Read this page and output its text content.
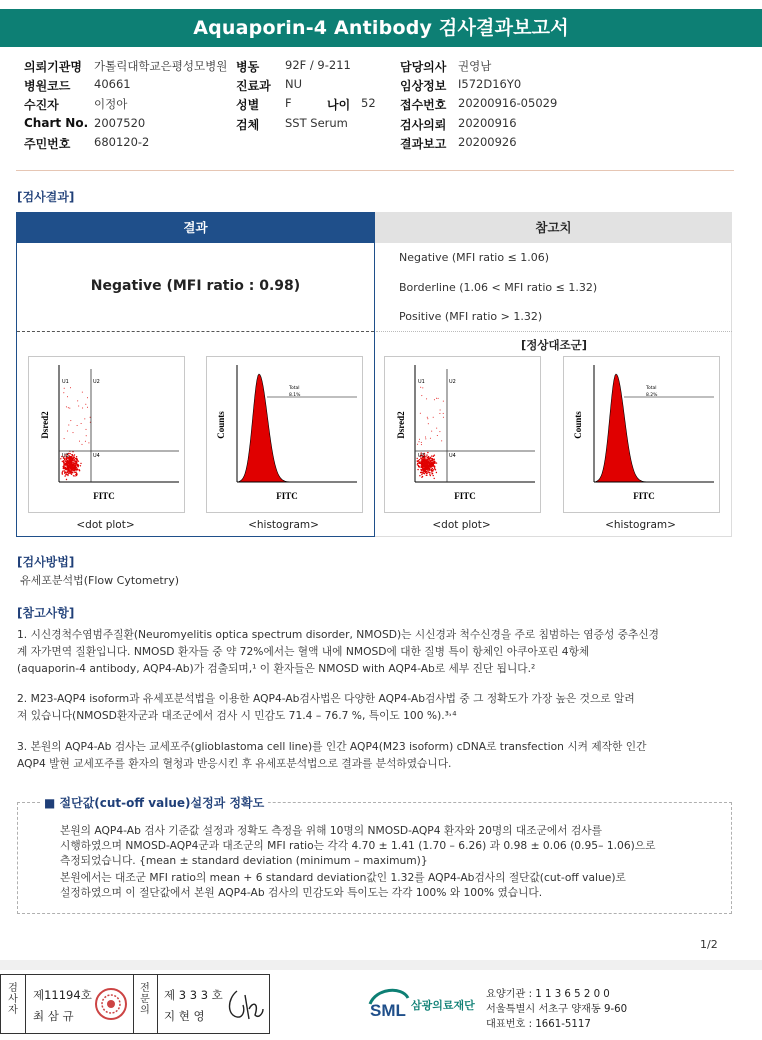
Aquaporin-4 Antibody 검사결과보고서
의뢰기관명 가톨릭대학교은평성모병원
병원코드 40661
수진자	이정아
Chart No. 2007520
주민번호 680120-2
병동 92F / 9-211
진료과 NU
성별 F	나이 52
검체 SST Serum
담당의사 권영남
임상정보 I572D16Y0
접수번호 20200916-05029
검사의뢰 20200916
결과보고 20200926
[검사결과]
결과	참고치
Negative (MFI ratio : 0.98)
Negative (MFI ratio ≤ 1.06)
Borderline (1.06 < MFI ratio ≤ 1.32)
Positive (MFI ratio > 1.32)
[정상대조군]
U1	U2
U3	U4
Dsred2
FITC
<dot plot>
Total
8.1%
Counts
FITC
<histogram>
U1	U2
U3	U4
Dsred2
FITC
<dot plot>
Total
8.2%
Counts
FITC
<histogram>
[검사방법]
유세포분석법(Flow Cytometry)
[참고사항]
1. 시신경척수염범주질환(Neuromyelitis optica spectrum disorder, NMOSD)는 시신경과 척수신경을 주로 침범하는 염증성 중추신경
계 자가면역 질환입니다. NMOSD 환자들 중 약 72%에서는 혈액 내에 NMOSD에 대한 질병 특이 항체인 아쿠아포린 4항체
(aquaporin-4 antibody, AQP4-Ab)가 검출되며,¹ 이 환자들은 NMOSD with AQP4-Ab로 세부 진단 됩니다.²
2. M23-AQP4 isoform과 유세포분석법을 이용한 AQP4-Ab검사법은 다양한 AQP4-Ab검사법 중 그 정확도가 가장 높은 것으로 알려
져 있습니다(NMOSD환자군과 대조군에서 검사 시 민감도 71.4 – 76.7 %, 특이도 100 %).³˒⁴
3. 본원의 AQP4-Ab 검사는 교세포주(glioblastoma cell line)를 인간 AQP4(M23 isoform) cDNA로 transfection 시켜 제작한 인간
AQP4 발현 교세포주를 환자의 혈청과 반응시킨 후 유세포분석법으로 결과를 분석하였습니다.
■ 절단값(cut-off value)설정과 정확도
본원의 AQP4-Ab 검사 기준값 설정과 정확도 측정을 위해 10명의 NMOSD-AQP4 환자와 20명의 대조군에서 검사를
시행하였으며 NMOSD-AQP4군과 대조군의 MFI ratio는 각각 4.70 ± 1.41 (1.70 – 6.26) 과 0.98 ± 0.06 (0.95– 1.06)으로
측정되었습니다. {mean ± standard deviation (minimum – maximum)}
본원에서는 대조군 MFI ratio의 mean + 6 standard deviation값인 1.32를 AQP4-Ab검사의 절단값(cut-off value)로
설정하였으며 이 절단값에서 본원 AQP4-Ab 검사의 민감도와 특이도는 각각 100% 와 100% 였습니다.
1/2
검사자
제11194호
최 삼 규
전문의
제 3 3 3 호
지 현 영	SML 삼광의료재단
요양기관 : 1 1 3 6 5 2 0 0
서울특별시 서초구 양재동 9-60
대표번호 : 1661-5117
